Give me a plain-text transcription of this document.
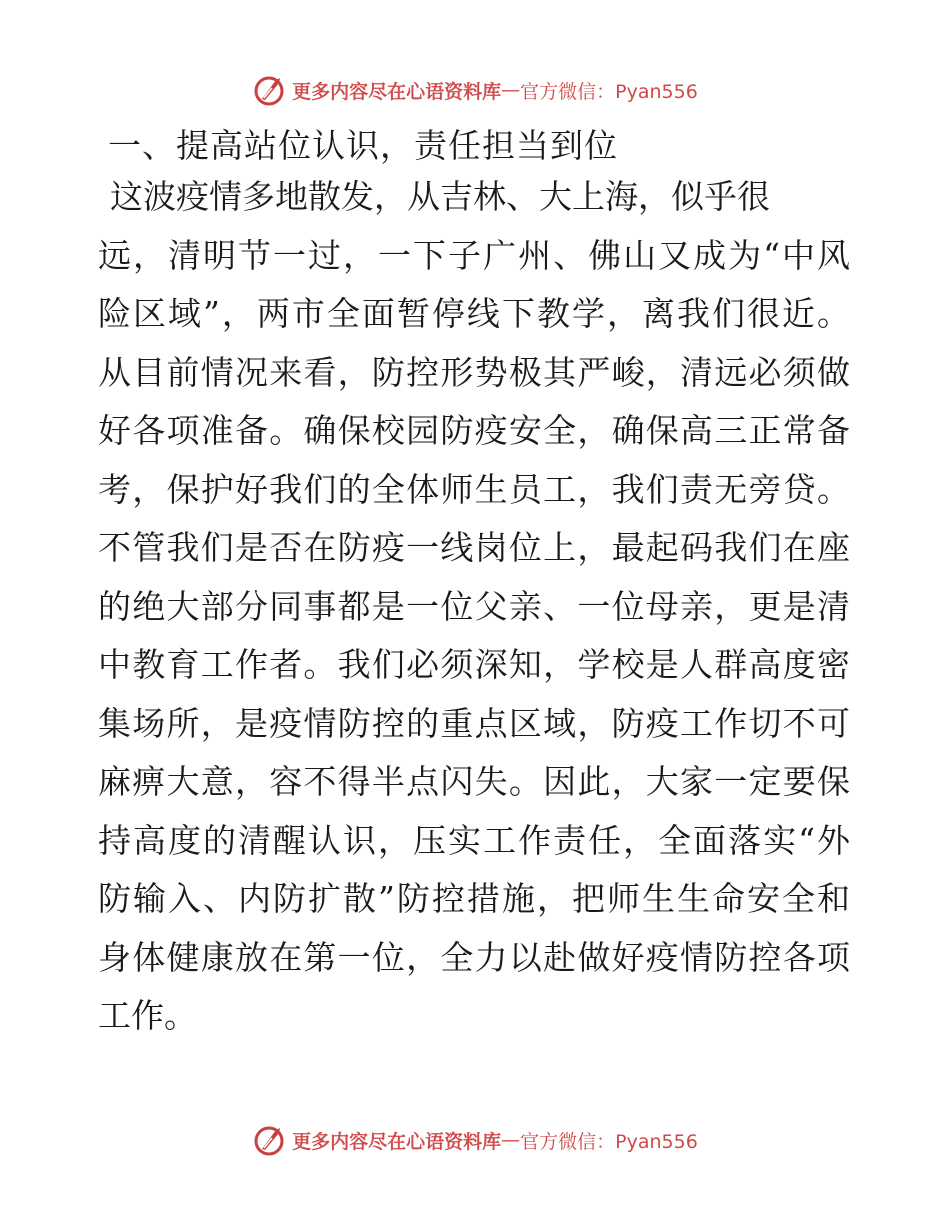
更多内容尽在心语资料库 — 官方微信：Pyan556
一、提高站位认识，责任担当到位
这波疫情多地散发，从吉林、大上海，似乎很
远，清明节一过，一下子广州、佛山又成为“中风
险区域”，两市全面暂停线下教学，离我们很近。
从目前情况来看，防控形势极其严峻，清远必须做
好各项准备。确保校园防疫安全，确保高三正常备
考，保护好我们的全体师生员工，我们责无旁贷。
不管我们是否在防疫一线岗位上，最起码我们在座
的绝大部分同事都是一位父亲、一位母亲，更是清
中教育工作者。我们必须深知，学校是人群高度密
集场所，是疫情防控的重点区域，防疫工作切不可
麻痹大意，容不得半点闪失。因此，大家一定要保
持高度的清醒认识，压实工作责任，全面落实“外
防输入、内防扩散”防控措施，把师生生命安全和
身体健康放在第一位，全力以赴做好疫情防控各项
工作。
更多内容尽在心语资料库 — 官方微信：Pyan556
